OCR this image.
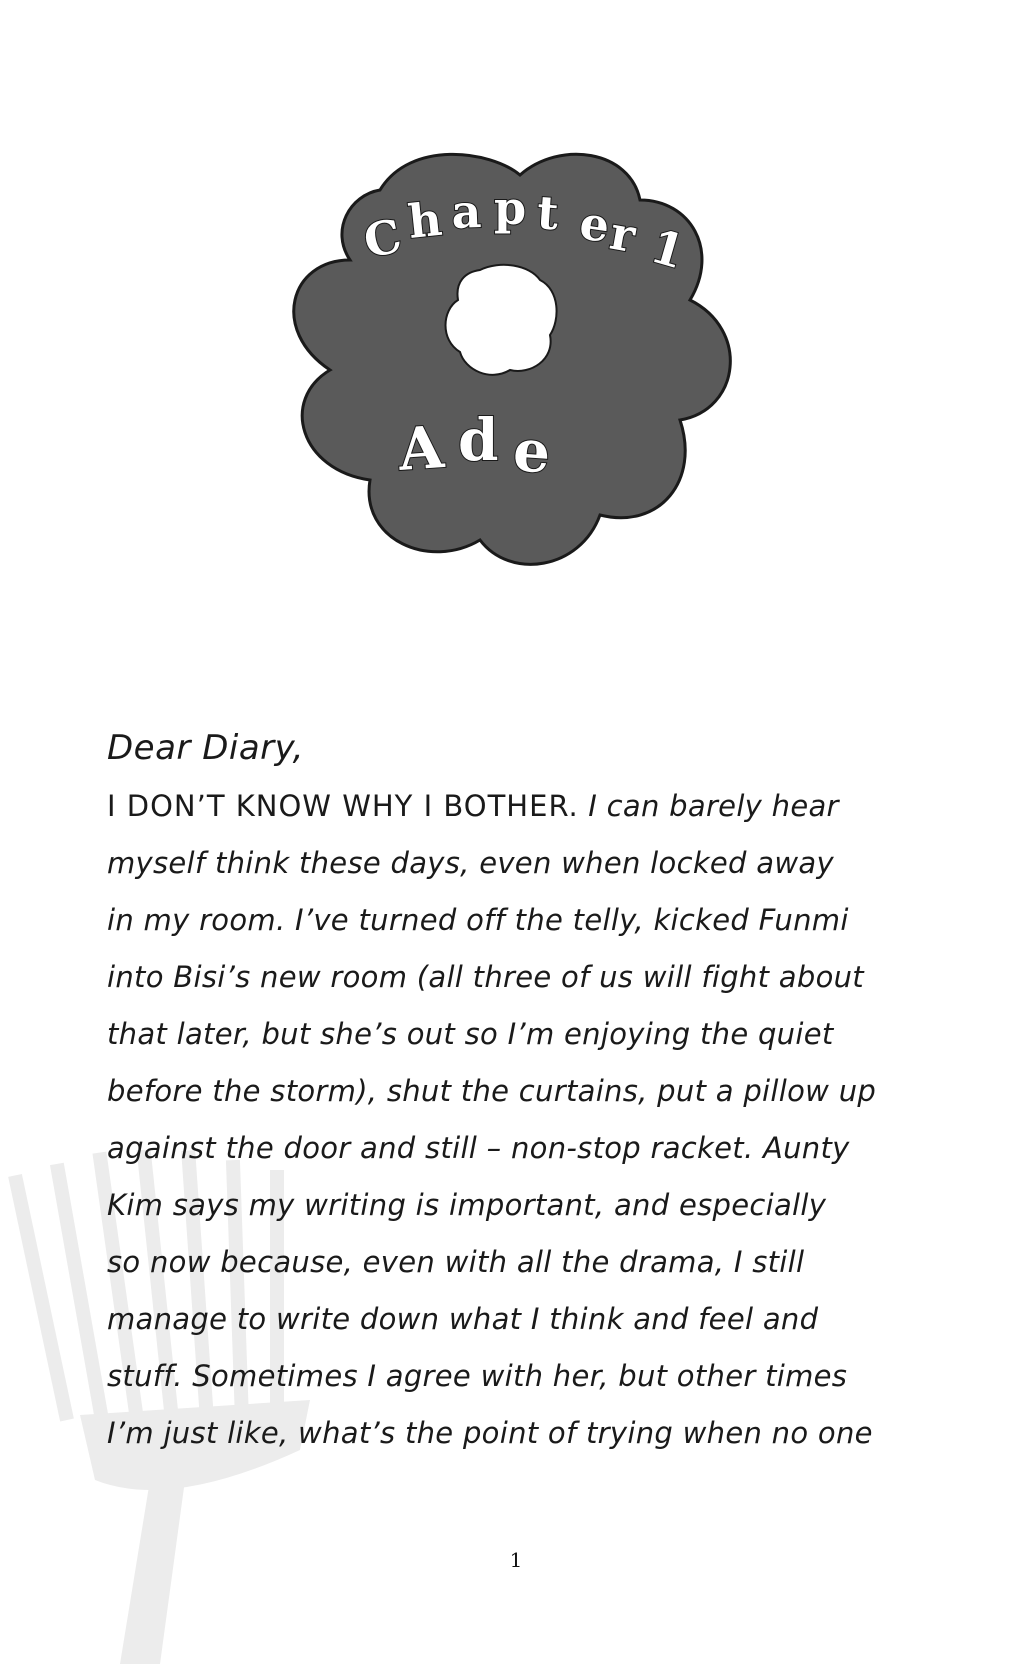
C h a p t e
r 1
A d e
Dear Diary,
I DON’T KNOW WHY I BOTHER. I can barely hear
myself think these days, even when locked away
in my room. I’ve turned off the telly, kicked Funmi
into Bisi’s new room (all three of us will fight about
that later, but she’s out so I’m enjoying the quiet
before the storm), shut the curtains, put a pillow up
against the door and still – non-stop racket. Aunty
Kim says my writing is important, and especially
so now because, even with all the drama, I still
manage to write down what I think and feel and
stuff. Sometimes I agree with her, but other times
I’m just like, what’s the point of trying when no one
1
